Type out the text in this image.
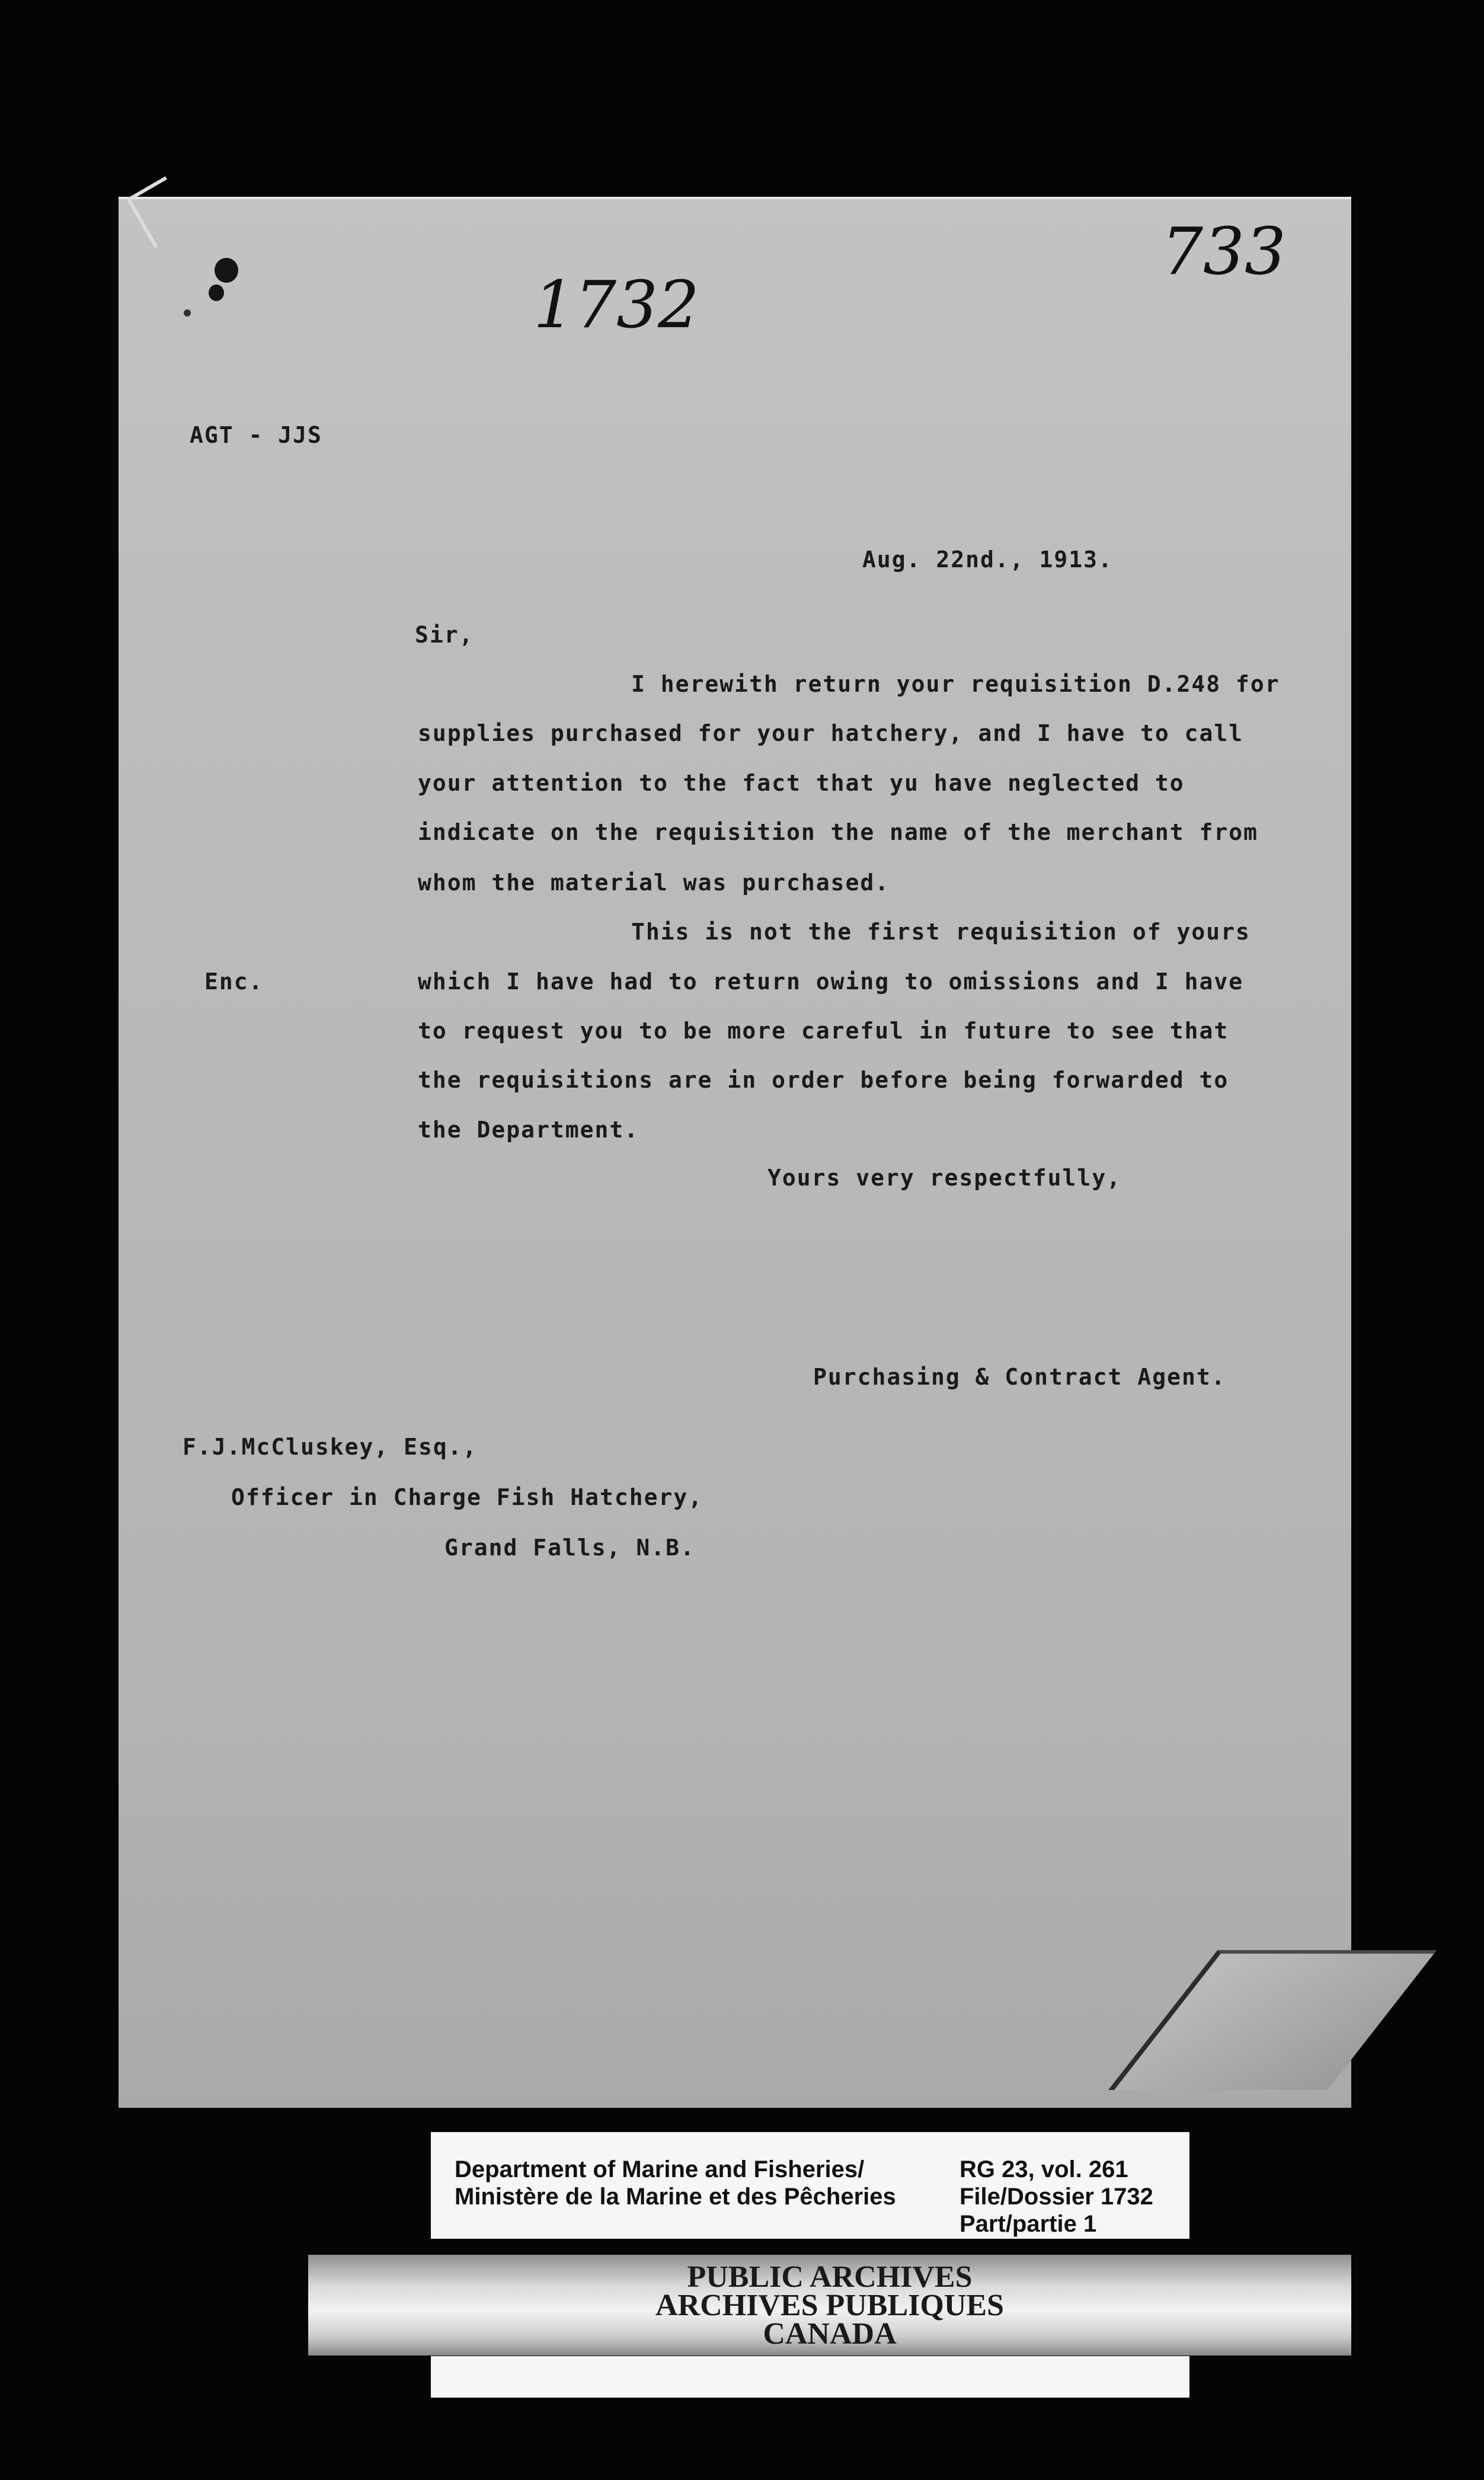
1732
733
AGT - JJS
Aug. 22nd., 1913.
Sir,
I herewith return your requisition D.248 for
supplies purchased for your hatchery, and I have to call
your attention to the fact that yu have neglected to
indicate on the requisition the name of the merchant from
whom the material was purchased.
This is not the first requisition of yours
which I have had to return owing to omissions and I have
to request you to be more careful in future to see that
the requisitions are in order before being forwarded to
the Department.
Enc.
Yours very respectfully,
Purchasing & Contract Agent.
F.J.McCluskey, Esq.,
Officer in Charge Fish Hatchery,
Grand Falls, N.B.
Department of Marine and Fisheries/
Ministère de la Marine et des Pêcheries
RG 23, vol. 261
File/Dossier 1732
Part/partie 1
PUBLIC ARCHIVES
ARCHIVES PUBLIQUES
CANADA
